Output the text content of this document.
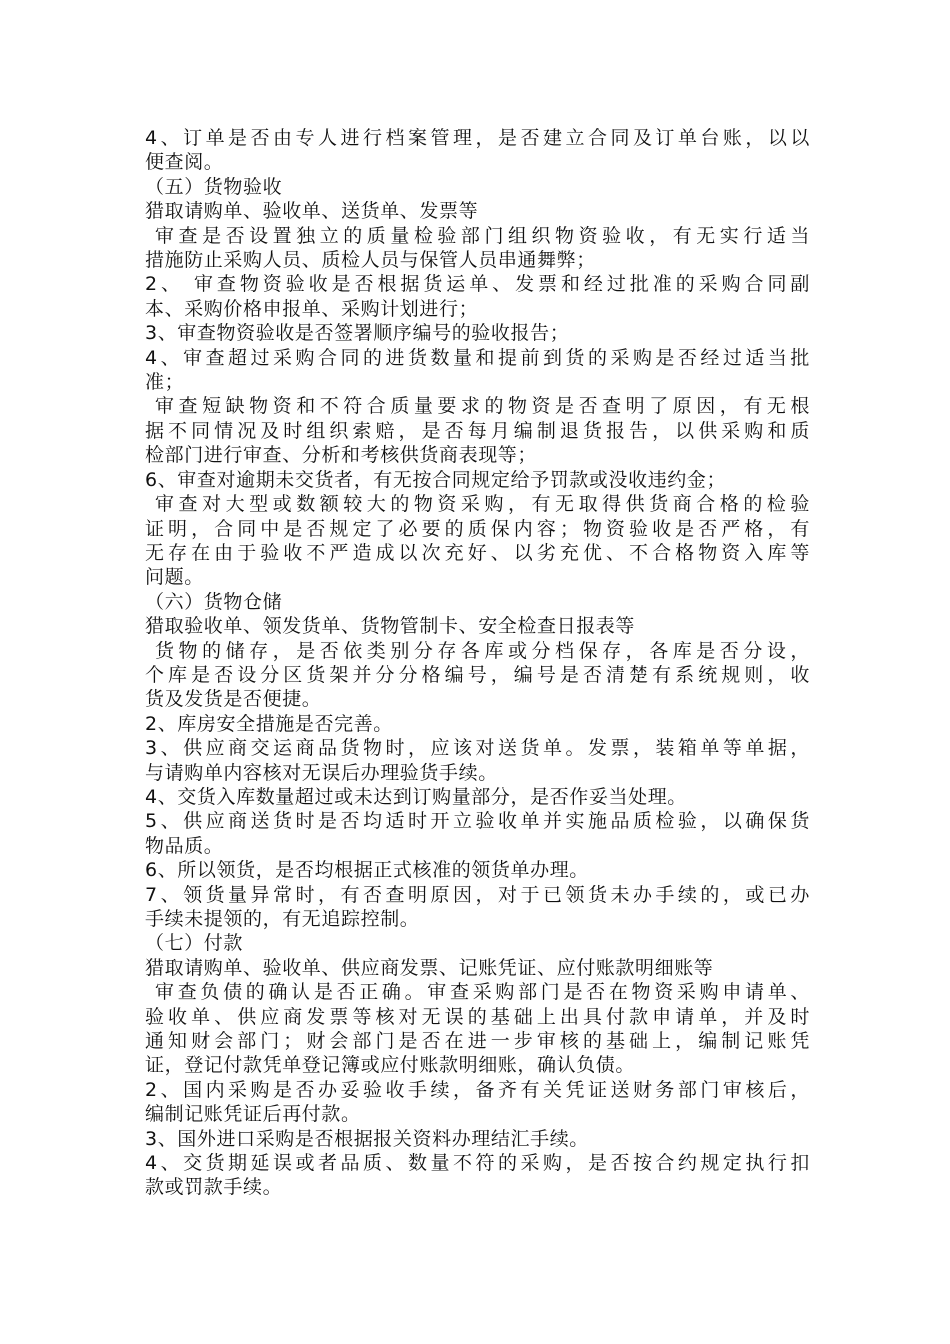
4、订单是否由专人进行档案管理，是否建立合同及订单台账，以以
便查阅。
（五）货物验收
猎取请购单、验收单、送货单、发票等
审查是否设置独立的质量检验部门组织物资验收，有无实行适当
措施防止采购人员、质检人员与保管人员串通舞弊；
2、 审查物资验收是否根据货运单、发票和经过批准的采购合同副
本、采购价格申报单、采购计划进行；
3、审查物资验收是否签署顺序编号的验收报告；
4、审查超过采购合同的进货数量和提前到货的采购是否经过适当批
准；
审查短缺物资和不符合质量要求的物资是否查明了原因，有无根
据不同情况及时组织索赔，是否每月编制退货报告，以供采购和质
检部门进行审查、分析和考核供货商表现等；
6、审查对逾期未交货者，有无按合同规定给予罚款或没收违约金；
审查对大型或数额较大的物资采购，有无取得供货商合格的检验
证明，合同中是否规定了必要的质保内容；物资验收是否严格，有
无存在由于验收不严造成以次充好、以劣充优、不合格物资入库等
问题。
（六）货物仓储
猎取验收单、领发货单、货物管制卡、安全检查日报表等
货物的储存，是否依类别分存各库或分档保存，各库是否分设，
个库是否设分区货架并分分格编号，编号是否清楚有系统规则，收
货及发货是否便捷。
2、库房安全措施是否完善。
3、供应商交运商品货物时，应该对送货单。发票，装箱单等单据，
与请购单内容核对无误后办理验货手续。
4、交货入库数量超过或未达到订购量部分，是否作妥当处理。
5、供应商送货时是否均适时开立验收单并实施品质检验，以确保货
物品质。
6、所以领货，是否均根据正式核准的领货单办理。
7、领货量异常时，有否查明原因，对于已领货未办手续的，或已办
手续未提领的，有无追踪控制。
（七）付款
猎取请购单、验收单、供应商发票、记账凭证、应付账款明细账等
审查负债的确认是否正确。审查采购部门是否在物资采购申请单、
验收单、供应商发票等核对无误的基础上出具付款申请单，并及时
通知财会部门；财会部门是否在进一步审核的基础上，编制记账凭
证，登记付款凭单登记簿或应付账款明细账，确认负债。
2、国内采购是否办妥验收手续，备齐有关凭证送财务部门审核后，
编制记账凭证后再付款。
3、国外进口采购是否根据报关资料办理结汇手续。
4、交货期延误或者品质、数量不符的采购，是否按合约规定执行扣
款或罚款手续。
